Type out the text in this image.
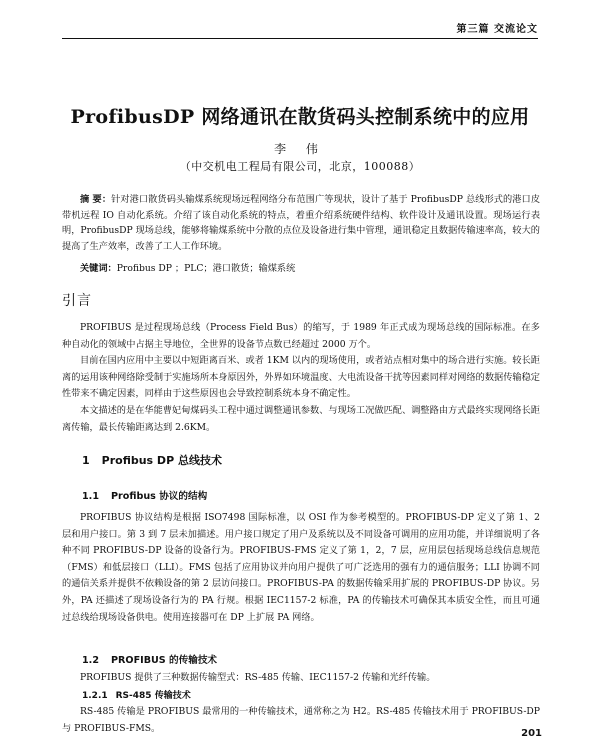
第三篇 交流论文
ProfibusDP 网络通讯在散货码头控制系统中的应用
李 伟
（中交机电工程局有限公司，北京，100088）
摘 要：针对港口散货码头输煤系统现场远程网络分布范围广等现状，设计了基于 ProfibusDP 总线形式的港口皮带机远程 IO 自动化系统。介绍了该自动化系统的特点，着重介绍系统硬件结构、软件设计及通讯设置。现场运行表明，ProfibusDP 现场总线，能够将输煤系统中分散的点位及设备进行集中管理，通讯稳定且数据传输速率高，较大的提高了生产效率，改善了工人工作环境。
关键词：Profibus DP ；PLC；港口散货；输煤系统
引言

PROFIBUS 是过程现场总线（Process Field Bus）的缩写，于 1989 年正式成为现场总线的国际标准。在多种自动化的领域中占据主导地位，全世界的设备节点数已经超过 2000 万个。

目前在国内应用中主要以中短距离百米、或者 1KM 以内的现场使用，或者站点相对集中的场合进行实施。较长距离的运用该种网络除受制于实施场所本身原因外，外界如环境温度、大电流设备干扰等因素同样对网络的数据传输稳定性带来不确定因素，同样由于这些原因也会导致控制系统本身不确定性。

本文描述的是在华能曹妃甸煤码头工程中通过调整通讯参数、与现场工况做匹配、调整路由方式最终实现网络长距离传输，最长传输距离达到 2.6KM。

1 Profibus DP 总线技术
1.1 Profibus 协议的结构

PROFIBUS 协议结构是根据 ISO7498 国际标准，以 OSI 作为参考模型的。PROFIBUS-DP 定义了第 1、2 层和用户接口。第 3 到 7 层未加描述。用户接口规定了用户及系统以及不同设备可调用的应用功能，并详细说明了各种不同 PROFIBUS-DP 设备的设备行为。PROFIBUS-FMS 定义了第 1，2，7 层，应用层包括现场总线信息规范（FMS）和低层接口（LLI）。FMS 包括了应用协议并向用户提供了可广泛选用的强有力的通信服务；LLI 协调不同的通信关系并提供不依赖设备的第 2 层访问接口。PROFIBUS-PA 的数据传输采用扩展的 PROFIBUS-DP 协议。另外，PA 还描述了现场设备行为的 PA 行规。根据 IEC1157-2 标准，PA 的传输技术可确保其本质安全性，而且可通过总线给现场设备供电。使用连接器可在 DP 上扩展 PA 网络。

1.2 PROFIBUS 的传输技术

PROFIBUS 提供了三种数据传输型式：RS-485 传输、IEC1157-2 传输和光纤传输。

1.2.1 RS-485 传输技术

RS-485 传输是 PROFIBUS 最常用的一种传输技术，通常称之为 H2。RS-485 传输技术用于 PROFIBUS-DP 与 PROFIBUS-FMS。	201
